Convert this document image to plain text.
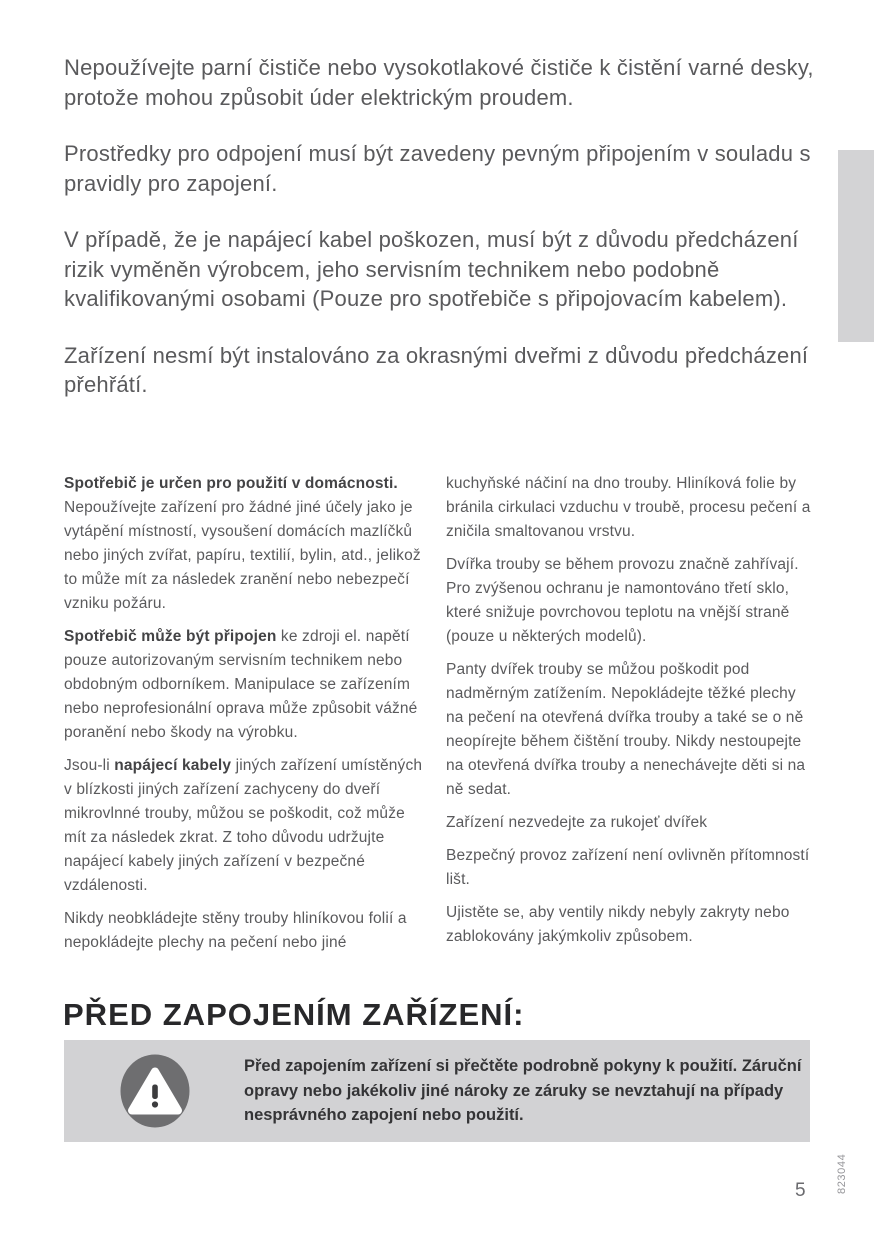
Nepoužívejte parní čističe nebo vysokotlakové čističe k čistění varné desky, protože mohou způsobit úder elektrickým proudem.

Prostředky pro odpojení musí být zavedeny pevným připojením v souladu s pravidly pro zapojení.

V případě, že je napájecí kabel poškozen, musí být z důvodu předcházení rizik vyměněn výrobcem, jeho servisním technikem nebo podobně kvalifikovanými osobami (Pouze pro spotřebiče s připojovacím kabelem).

Zařízení nesmí být instalováno za okrasnými dveřmi z důvodu předcházení přehřátí.

Spotřebič je určen pro použití v domácnosti. Nepoužívejte zařízení pro žádné jiné účely jako je vytápění místností, vysoušení domácích mazlíčků nebo jiných zvířat, papíru, textilií, bylin, atd., jelikož to může mít za následek zranění nebo nebezpečí vzniku požáru.

Spotřebič může být připojen ke zdroji el. napětí pouze autorizovaným servisním technikem nebo obdobným odborníkem. Manipulace se zařízením nebo neprofesionální oprava může způsobit vážné poranění nebo škody na výrobku.

Jsou-li napájecí kabely jiných zařízení umístěných v blízkosti jiných zařízení zachyceny do dveří mikrovlnné trouby, můžou se poškodit, což může mít za následek zkrat. Z toho důvodu udržujte napájecí kabely jiných zařízení v bezpečné vzdálenosti.

Nikdy neobkládejte stěny trouby hliníkovou folií a nepokládejte plechy na pečení nebo jiné

kuchyňské náčiní na dno trouby. Hliníková folie by bránila cirkulaci vzduchu v troubě, procesu pečení a zničila smaltovanou vrstvu.

Dvířka trouby se během provozu značně zahřívají. Pro zvýšenou ochranu je namontováno třetí sklo, které snižuje povrchovou teplotu na vnější straně (pouze u některých modelů).

Panty dvířek trouby se můžou poškodit pod nadměrným zatížením. Nepokládejte těžké plechy na pečení na otevřená dvířka trouby a také se o ně neopírejte během čištění trouby. Nikdy nestoupejte na otevřená dvířka trouby a nenechávejte děti si na ně sedat.

Zařízení nezvedejte za rukojeť dvířek

Bezpečný provoz zařízení není ovlivněn přítomností lišt.

Ujistěte se, aby ventily nikdy nebyly zakryty nebo zablokovány jakýmkoliv způsobem.

PŘED ZAPOJENÍM ZAŘÍZENÍ:

Před zapojením zařízení si přečtěte podrobně pokyny k použití. Záruční opravy nebo jakékoliv jiné nároky ze záruky se nevztahují na případy nesprávného zapojení nebo použití.

823044
5
